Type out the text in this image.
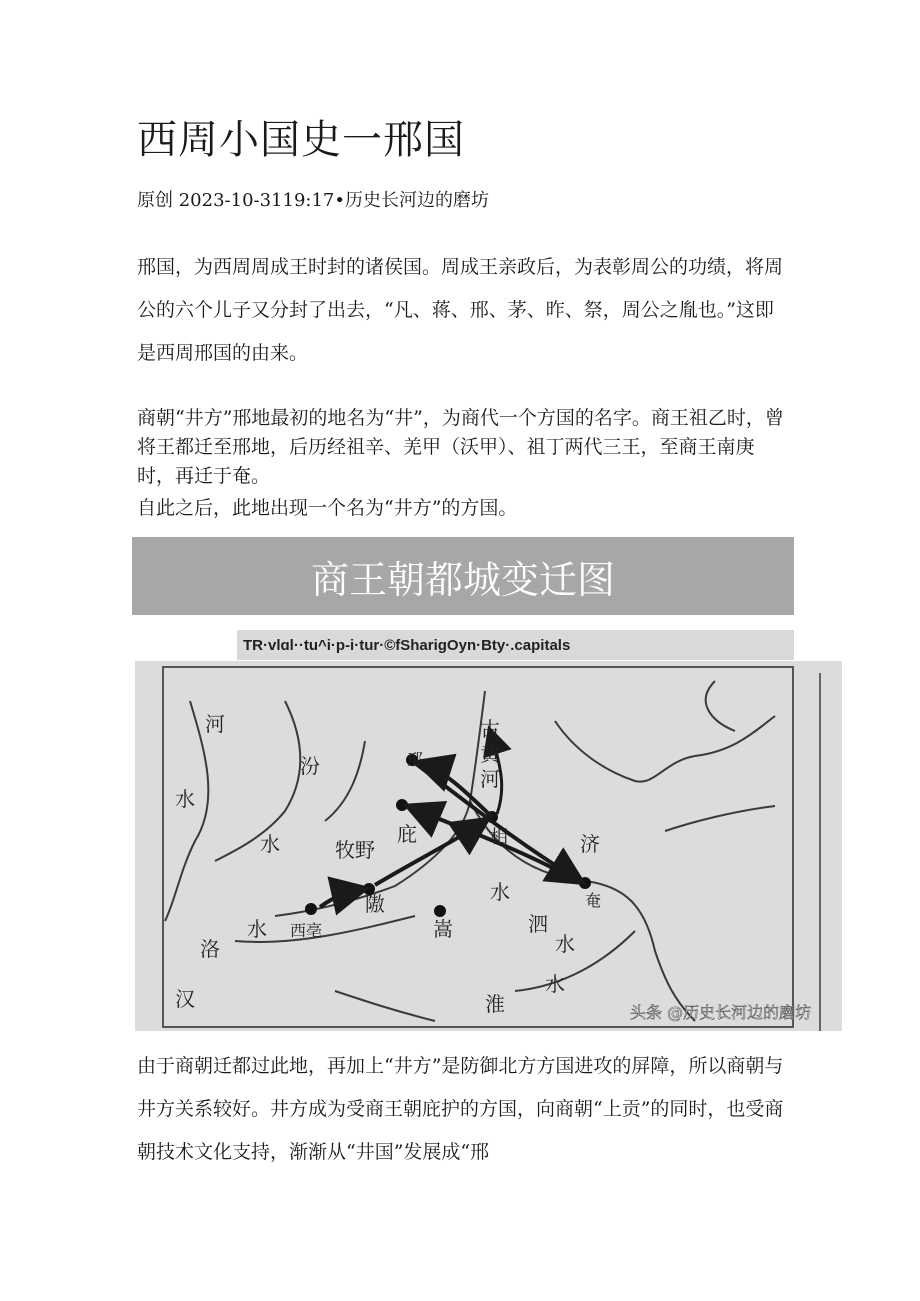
西周小国史一邢国
原创 2023-10-3119:17•历史长河边的磨坊

邢国，为西周周成王时封的诸侯国。周成王亲政后，为表彰周公的功绩，将周公的六个儿子又分封了出去，“凡、蒋、邢、茅、昨、祭，周公之胤也。”这即是西周邢国的由来。

商朝“井方”邢地最初的地名为“井”，为商代一个方国的名字。商王祖乙时，曾将王都迁至邢地，后历经祖辛、羌甲（沃甲）、祖丁两代三王，至商王南庚时，再迁于奄。

自此之后，此地出现一个名为“井方”的方国。

商王朝都城变迁图
TR·vlɑl··tu^i·p-i·tur·©fSharigOyn·Bty·.capitals
河
汾
水
水
古
黄
河
邢
庇	相
牧野	济
奄
隞
西亳
洛
水
水
嵩	泗
水
汉	淮
水
头条 @历史长河边的磨坊

由于商朝迁都过此地，再加上“井方”是防御北方方国进攻的屏障，所以商朝与井方关系较好。井方成为受商王朝庇护的方国，向商朝“上贡”的同时，也受商朝技术文化支持，渐渐从“井国”发展成“邢
